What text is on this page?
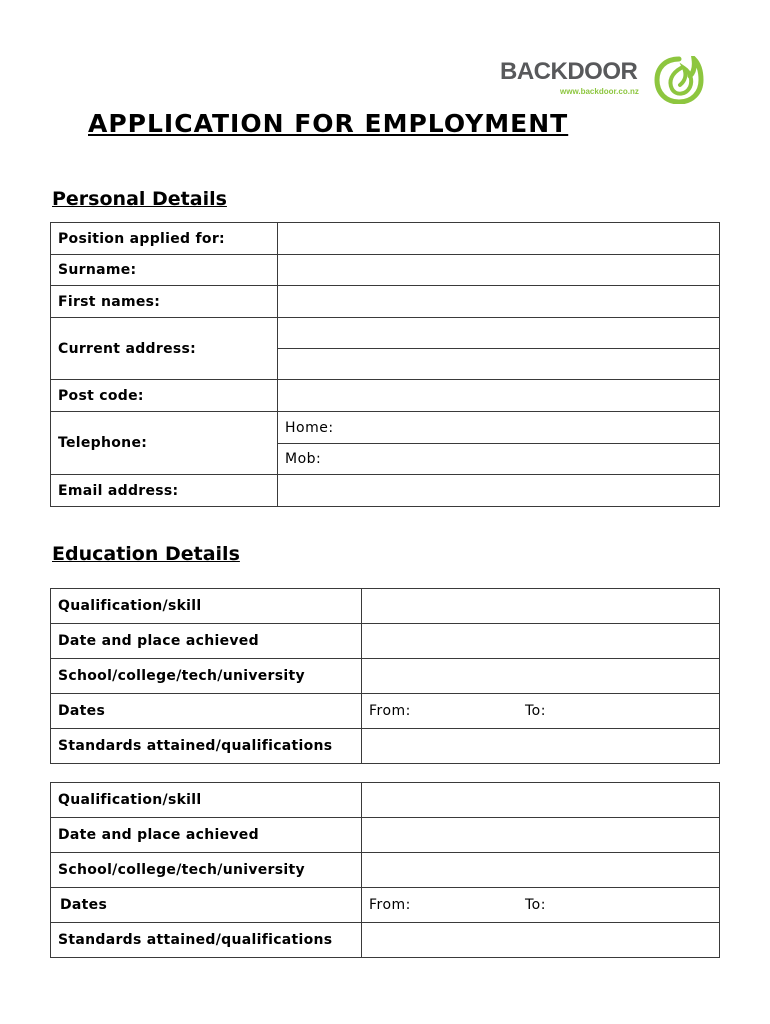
BACKDOOR
www.backdoor.co.nz
APPLICATION FOR EMPLOYMENT
Personal Details
Position applied for:	
Surname:	
First names:	
Current address:	

Post code:	
Telephone:	Home:
	Mob:
Email address:	
Education Details
Qualification/skill	
Date and place achieved	
School/college/tech/university	
Dates	From: To:
Standards attained/qualifications	
Qualification/skill	
Date and place achieved	
School/college/tech/university	
Dates	From: To:
Standards attained/qualifications	
